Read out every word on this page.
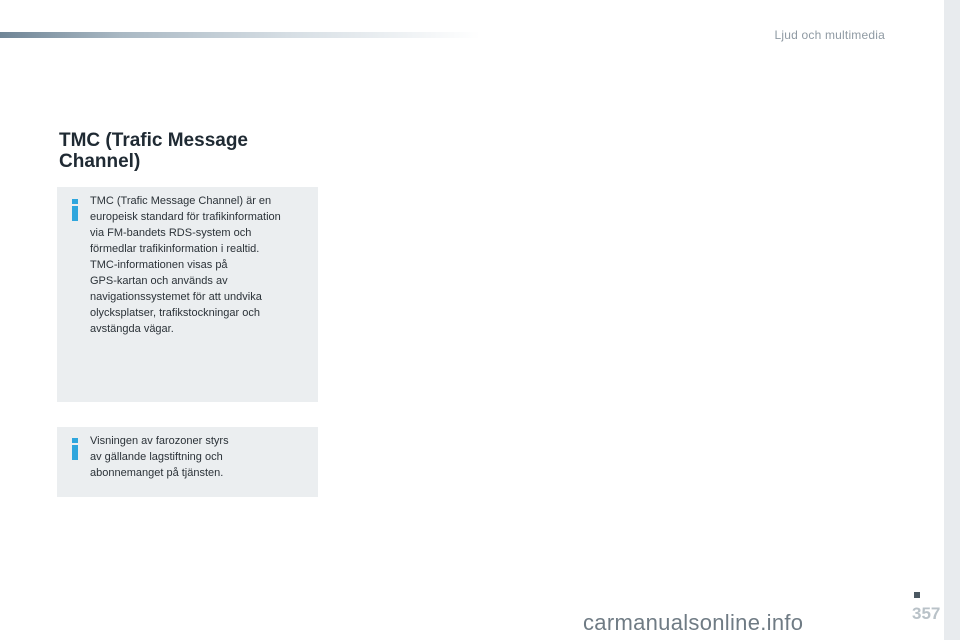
Ljud och multimedia
TMC (Trafic Message Channel)
TMC (Trafic Message Channel) är en
europeisk standard för trafikinformation
via FM-bandets RDS-system och
förmedlar trafikinformation i realtid.
TMC-informationen visas på
GPS-kartan och används av
navigationssystemet för att undvika
olycksplatser, trafikstockningar och
avstängda vägar.
Visningen av farozoner styrs
av gällande lagstiftning och
abonnemanget på tjänsten.
357
carmanualsonline.info
